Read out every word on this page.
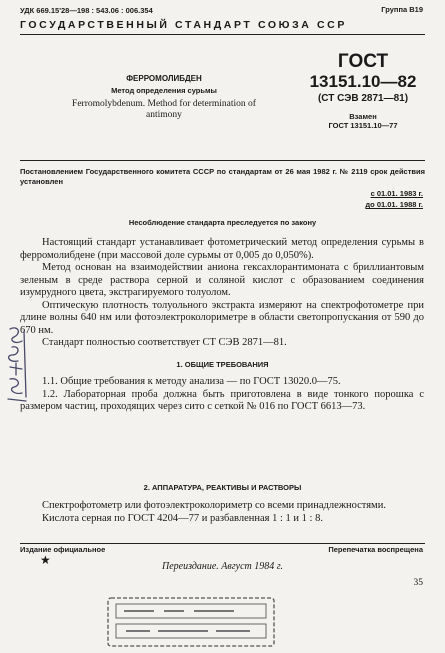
УДК 669.15'28—198 : 543.06 : 006.354	Группа В19
ГОСУДАРСТВЕННЫЙ СТАНДАРТ СОЮЗА ССР
ФЕРРОМОЛИБДЕН
Метод определения сурьмы
Ferromolybdenum. Method for determination of antimony
ГОСТ
13151.10—82
(СТ СЭВ 2871—81)
Взамен
ГОСТ 13151.10—77
Постановлением Государственного комитета СССР по стандартам от 26 мая 1982 г. № 2119 срок действия установлен
с 01.01. 1983 г.
до 01.01. 1988 г.
Несоблюдение стандарта преследуется по закону

Настоящий стандарт устанавливает фотометрический метод определения сурьмы в ферромолибдене (при массовой доле сурьмы от 0,005 до 0,050%).

Метод основан на взаимодействии аниона гексахлорантимоната с бриллиантовым зеленым в среде раствора серной и соляной кислот с образованием соединения изумрудного цвета, экстрагируемого толуолом.

Оптическую плотность толуольного экстракта измеряют на спектрофотометре при длине волны 640 нм или фотоэлектроколориметре в области светопропускания от 590 до 670 нм.

Стандарт полностью соответствует СТ СЭВ 2871—81.

1. ОБЩИЕ ТРЕБОВАНИЯ

1.1. Общие требования к методу анализа — по ГОСТ 13020.0—75.

1.2. Лабораторная проба должна быть приготовлена в виде тонкого порошка с размером частиц, проходящих через сито с сеткой № 016 по ГОСТ 6613—73.

2. АППАРАТУРА, РЕАКТИВЫ И РАСТВОРЫ

Спектрофотометр или фотоэлектроколориметр со всеми принадлежностями.

Кислота серная по ГОСТ 4204—77 и разбавленная 1 : 1 и 1 : 8.

Издание официальное	Перепечатка воспрещена
★	Переиздание. Август 1984 г.
35
